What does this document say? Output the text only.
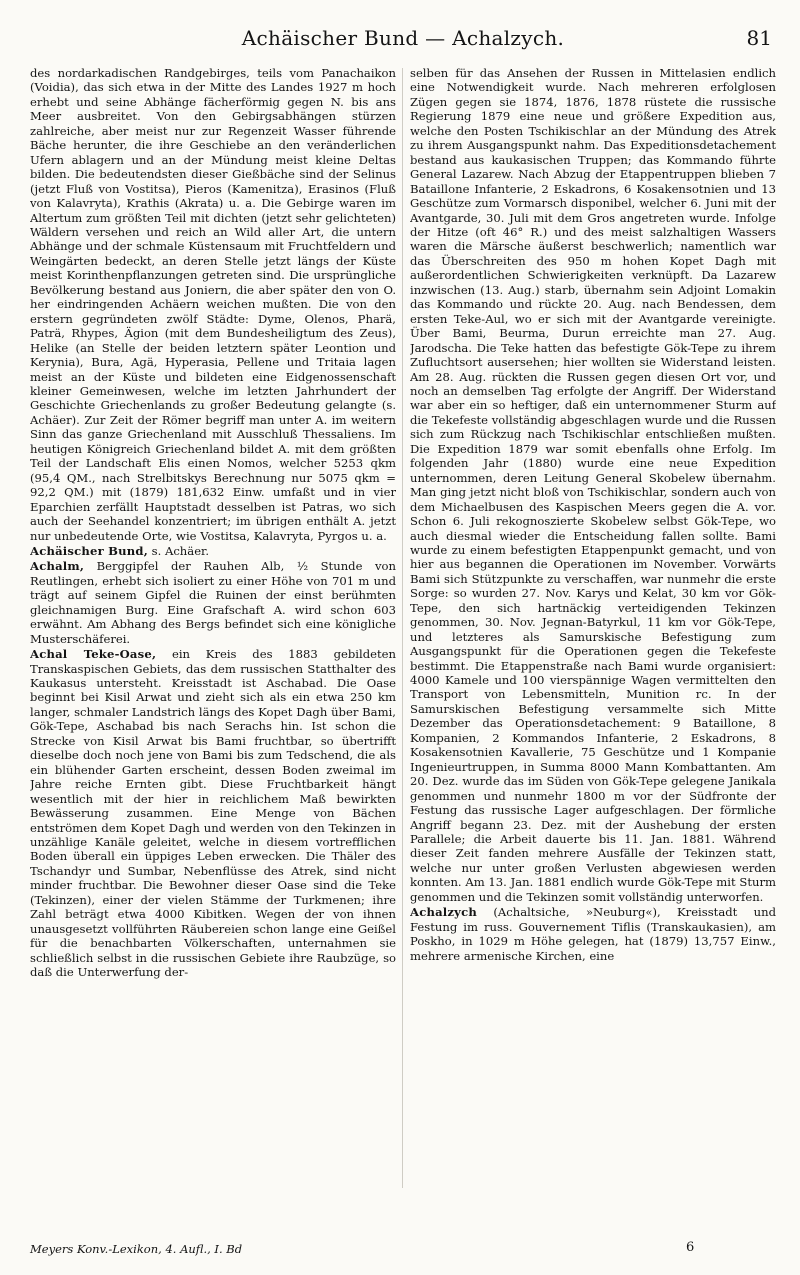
Achäischer Bund — Achalzych.	81

des nordarkadischen Randgebirges, teils vom Panachaikon (Voidia), das sich etwa in der Mitte des Landes 1927 m hoch erhebt und seine Abhänge fächerförmig gegen N. bis ans Meer ausbreitet. Von den Gebirgsabhängen stürzen zahlreiche, aber meist nur zur Regenzeit Wasser führende Bäche herunter, die ihre Geschiebe an den veränderlichen Ufern ablagern und an der Mündung meist kleine Deltas bilden. Die bedeutendsten dieser Gießbäche sind der Selinus (jetzt Fluß von Vostitsa), Pieros (Kamenitza), Erasinos (Fluß von Kalavryta), Krathis (Akrata) u. a. Die Gebirge waren im Altertum zum größten Teil mit dichten (jetzt sehr gelichteten) Wäldern versehen und reich an Wild aller Art, die untern Abhänge und der schmale Küstensaum mit Fruchtfeldern und Weingärten bedeckt, an deren Stelle jetzt längs der Küste meist Korinthenpflanzungen getreten sind. Die ursprüngliche Bevölkerung bestand aus Joniern, die aber später den von O. her eindringenden Achäern weichen mußten. Die von den erstern gegründeten zwölf Städte: Dyme, Olenos, Pharä, Paträ, Rhypes, Ägion (mit dem Bundesheiligtum des Zeus), Helike (an Stelle der beiden letztern später Leontion und Kerynia), Bura, Agä, Hyperasia, Pellene und Tritaia lagen meist an der Küste und bildeten eine Eidgenossenschaft kleiner Gemeinwesen, welche im letzten Jahrhundert der Geschichte Griechenlands zu großer Bedeutung gelangte (s. Achäer). Zur Zeit der Römer begriff man unter A. im weitern Sinn das ganze Griechenland mit Ausschluß Thessaliens. Im heutigen Königreich Griechenland bildet A. mit dem größten Teil der Landschaft Elis einen Nomos, welcher 5253 qkm (95,4 QM., nach Strelbitskys Berechnung nur 5075 qkm = 92,2 QM.) mit (1879) 181,632 Einw. umfaßt und in vier Eparchien zerfällt Hauptstadt desselben ist Patras, wo sich auch der Seehandel konzentriert; im übrigen enthält A. jetzt nur unbedeutende Orte, wie Vostitsa, Kalavryta, Pyrgos u. a.

Achäischer Bund, s. Achäer.

Achalm, Berggipfel der Rauhen Alb, ½ Stunde von Reutlingen, erhebt sich isoliert zu einer Höhe von 701 m und trägt auf seinem Gipfel die Ruinen der einst berühmten gleichnamigen Burg. Eine Grafschaft A. wird schon 603 erwähnt. Am Abhang des Bergs befindet sich eine königliche Musterschäferei.

Achal Teke-Oase, ein Kreis des 1883 gebildeten Transkaspischen Gebiets, das dem russischen Statthalter des Kaukasus untersteht. Kreisstadt ist Aschabad. Die Oase beginnt bei Kisil Arwat und zieht sich als ein etwa 250 km langer, schmaler Landstrich längs des Kopet Dagh über Bami, Gök-Tepe, Aschabad bis nach Serachs hin. Ist schon die Strecke von Kisil Arwat bis Bami fruchtbar, so übertrifft dieselbe doch noch jene von Bami bis zum Tedschend, die als ein blühender Garten erscheint, dessen Boden zweimal im Jahre reiche Ernten gibt. Diese Fruchtbarkeit hängt wesentlich mit der hier in reichlichem Maß bewirkten Bewässerung zusammen. Eine Menge von Bächen entströmen dem Kopet Dagh und werden von den Tekinzen in unzählige Kanäle geleitet, welche in diesem vortrefflichen Boden überall ein üppiges Leben erwecken. Die Thäler des Tschandyr und Sumbar, Nebenflüsse des Atrek, sind nicht minder fruchtbar. Die Bewohner dieser Oase sind die Teke (Tekinzen), einer der vielen Stämme der Turkmenen; ihre Zahl beträgt etwa 4000 Kibitken. Wegen der von ihnen unausgesetzt vollführten Räubereien schon lange eine Geißel für die benachbarten Völkerschaften, unternahmen sie schließlich selbst in die russischen Gebiete ihre Raubzüge, so daß die Unterwerfung der-

selben für das Ansehen der Russen in Mittelasien endlich eine Notwendigkeit wurde. Nach mehreren erfolglosen Zügen gegen sie 1874, 1876, 1878 rüstete die russische Regierung 1879 eine neue und größere Expedition aus, welche den Posten Tschikischlar an der Mündung des Atrek zu ihrem Ausgangspunkt nahm. Das Expeditionsdetachement bestand aus kaukasischen Truppen; das Kommando führte General Lazarew. Nach Abzug der Etappentruppen blieben 7 Bataillone Infanterie, 2 Eskadrons, 6 Kosakensotnien und 13 Geschütze zum Vormarsch disponibel, welcher 6. Juni mit der Avantgarde, 30. Juli mit dem Gros angetreten wurde. Infolge der Hitze (oft 46° R.) und des meist salzhaltigen Wassers waren die Märsche äußerst beschwerlich; namentlich war das Überschreiten des 950 m hohen Kopet Dagh mit außerordentlichen Schwierigkeiten verknüpft. Da Lazarew inzwischen (13. Aug.) starb, übernahm sein Adjoint Lomakin das Kommando und rückte 20. Aug. nach Bendessen, dem ersten Teke-Aul, wo er sich mit der Avantgarde vereinigte. Über Bami, Beurma, Durun erreichte man 27. Aug. Jarodscha. Die Teke hatten das befestigte Gök-Tepe zu ihrem Zufluchtsort ausersehen; hier wollten sie Widerstand leisten. Am 28. Aug. rückten die Russen gegen diesen Ort vor, und noch an demselben Tag erfolgte der Angriff. Der Widerstand war aber ein so heftiger, daß ein unternommener Sturm auf die Tekefeste vollständig abgeschlagen wurde und die Russen sich zum Rückzug nach Tschikischlar entschließen mußten. Die Expedition 1879 war somit ebenfalls ohne Erfolg. Im folgenden Jahr (1880) wurde eine neue Expedition unternommen, deren Leitung General Skobelew übernahm. Man ging jetzt nicht bloß von Tschikischlar, sondern auch von dem Michaelbusen des Kaspischen Meers gegen die A. vor. Schon 6. Juli rekognoszierte Skobelew selbst Gök-Tepe, wo auch diesmal wieder die Entscheidung fallen sollte. Bami wurde zu einem befestigten Etappenpunkt gemacht, und von hier aus begannen die Operationen im November. Vorwärts Bami sich Stützpunkte zu verschaffen, war nunmehr die erste Sorge: so wurden 27. Nov. Karys und Kelat, 30 km vor Gök-Tepe, den sich hartnäckig verteidigenden Tekinzen genommen, 30. Nov. Jegnan-Batyrkul, 11 km vor Gök-Tepe, und letzteres als Samurskische Befestigung zum Ausgangspunkt für die Operationen gegen die Tekefeste bestimmt. Die Etappenstraße nach Bami wurde organisiert: 4000 Kamele und 100 vierspännige Wagen vermittelten den Transport von Lebensmitteln, Munition rc. In der Samurskischen Befestigung versammelte sich Mitte Dezember das Operationsdetachement: 9 Bataillone, 8 Kompanien, 2 Kommandos Infanterie, 2 Eskadrons, 8 Kosakensotnien Kavallerie, 75 Geschütze und 1 Kompanie Ingenieurtruppen, in Summa 8000 Mann Kombattanten. Am 20. Dez. wurde das im Süden von Gök-Tepe gelegene Janikala genommen und nunmehr 1800 m vor der Südfronte der Festung das russische Lager aufgeschlagen. Der förmliche Angriff begann 23. Dez. mit der Aushebung der ersten Parallele; die Arbeit dauerte bis 11. Jan. 1881. Während dieser Zeit fanden mehrere Ausfälle der Tekinzen statt, welche nur unter großen Verlusten abgewiesen werden konnten. Am 13. Jan. 1881 endlich wurde Gök-Tepe mit Sturm genommen und die Tekinzen somit vollständig unterworfen.

Achalzych (Achaltsiche, »Neuburg«), Kreisstadt und Festung im russ. Gouvernement Tiflis (Transkaukasien), am Poskho, in 1029 m Höhe gelegen, hat (1879) 13,757 Einw., mehrere armenische Kirchen, eine

Meyers Konv.-Lexikon, 4. Aufl., I. Bd	6
